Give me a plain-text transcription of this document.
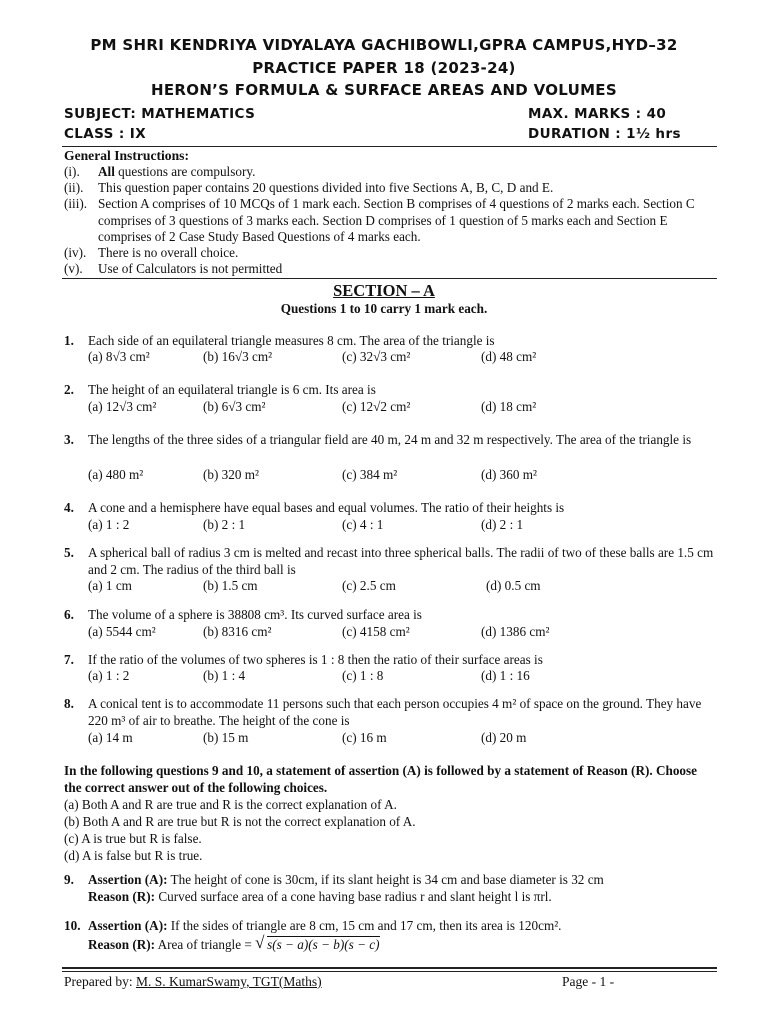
PM SHRI KENDRIYA VIDYALAYA GACHIBOWLI,GPRA CAMPUS,HYD–32
PRACTICE PAPER 18 (2023-24)
HERON’S FORMULA & SURFACE AREAS AND VOLUMES
SUBJECT: MATHEMATICS	MAX. MARKS : 40
CLASS : IX	DURATION : 1½ hrs
General Instructions:
(i).	All questions are compulsory.
(ii).	This question paper contains 20 questions divided into five Sections A, B, C, D and E.
(iii). Section A comprises of 10 MCQs of 1 mark each. Section B comprises of 4 questions of 2 marks each. Section C comprises of 3 questions of 3 marks each. Section D comprises of 1 question of 5 marks each and Section E comprises of 2 Case Study Based Questions of 4 marks each.
(iv). There is no overall choice.
(v).	Use of Calculators is not permitted
SECTION – A
Questions 1 to 10 carry 1 mark each.
1. Each side of an equilateral triangle measures 8 cm. The area of the triangle is
(a) 8√3 cm²	(b) 16√3 cm²	(c) 32√3 cm²	(d) 48 cm²
2. The height of an equilateral triangle is 6 cm. Its area is
(a) 12√3 cm²	(b) 6√3 cm²	(c) 12√2 cm²	(d) 18 cm²
3. The lengths of the three sides of a triangular field are 40 m, 24 m and 32 m respectively. The area of the triangle is
(a) 480 m²	(b) 320 m²	(c) 384 m²	(d) 360 m²
4. A cone and a hemisphere have equal bases and equal volumes. The ratio of their heights is
(a) 1 : 2	(b) 2 : 1	(c) 4 : 1	(d) 2 : 1
5. A spherical ball of radius 3 cm is melted and recast into three spherical balls. The radii of two of these balls are 1.5 cm and 2 cm. The radius of the third ball is
(a) 1 cm	(b) 1.5 cm	(c) 2.5 cm	(d) 0.5 cm
6. The volume of a sphere is 38808 cm³. Its curved surface area is
(a) 5544 cm²	(b) 8316 cm²	(c) 4158 cm²	(d) 1386 cm²
7. If the ratio of the volumes of two spheres is 1 : 8 then the ratio of their surface areas is
(a) 1 : 2	(b) 1 : 4	(c) 1 : 8	(d) 1 : 16
8. A conical tent is to accommodate 11 persons such that each person occupies 4 m² of space on the ground. They have 220 m³ of air to breathe. The height of the cone is
(a) 14 m	(b) 15 m	(c) 16 m	(d) 20 m
In the following questions 9 and 10, a statement of assertion (A) is followed by a statement of Reason (R). Choose the correct answer out of the following choices.
(a) Both A and R are true and R is the correct explanation of A.
(b) Both A and R are true but R is not the correct explanation of A.
(c) A is true but R is false.
(d) A is false but R is true.
9. Assertion (A): The height of cone is 30cm, if its slant height is 34 cm and base diameter is 32 cm
Reason (R): Curved surface area of a cone having base radius r and slant height l is πrl.
10. Assertion (A): If the sides of triangle are 8 cm, 15 cm and 17 cm, then its area is 120cm².
Reason (R): Area of triangle = √ s(s − a)(s − b)(s − c)
Prepared by: M. S. KumarSwamy, TGT(Maths)	Page - 1 -
